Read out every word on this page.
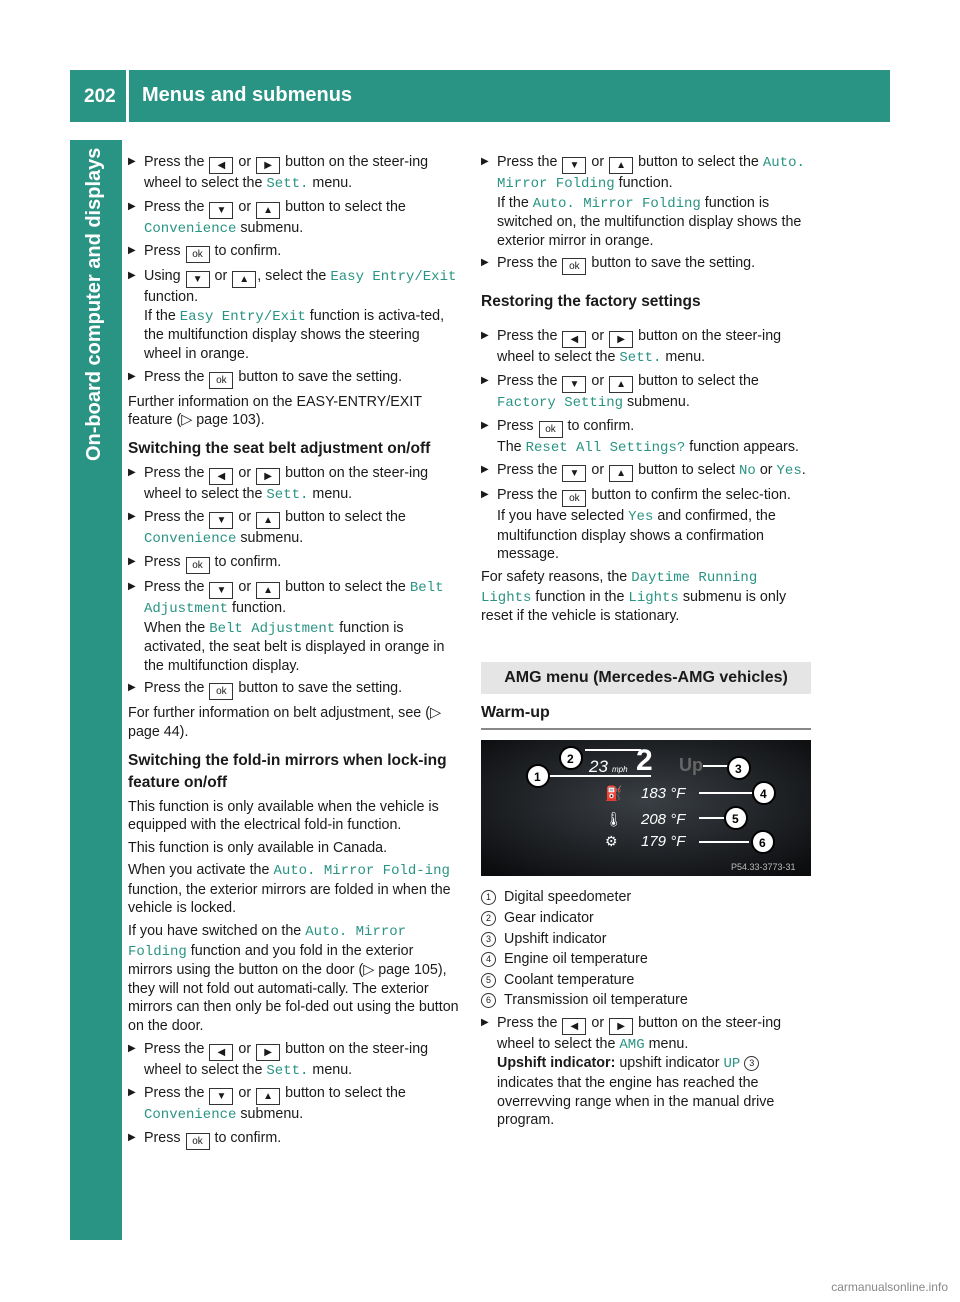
202 Menus and submenus
On-board computer and displays
▶	Press the ◀ or ▶ button on the steer-ing wheel to select the Sett. menu.
▶ Press the ▼ or ▲ button to select the Convenience submenu.
▶ Press ok to confirm.
▶ Using ▼ or ▲ , select the Easy Entry/Exit function.
If the Easy Entry/Exit function is activa-ted, the multifunction display shows the steering wheel in orange.
▶ Press the ok button to save the setting.
Further information on the EASY-ENTRY/EXIT feature (▷ page 103).
Switching the seat belt adjustment on/off
▶ Press the ◀ or ▶ button on the steer-ing wheel to select the Sett. menu.
▶ Press the ▼ or ▲ button to select the Convenience submenu.
▶ Press ok to confirm.
▶ Press the ▼ or ▲ button to select the Belt Adjustment function.
When the Belt Adjustment function is activated, the seat belt is displayed in orange in the multifunction display.
▶ Press the ok button to save the setting.
For further information on belt adjustment, see (▷ page 44).
Switching the fold-in mirrors when lock-ing feature on/off
This function is only available when the vehicle is equipped with the electrical fold-in function.
This function is only available in Canada.
When you activate the Auto. Mirror Fold-ing function, the exterior mirrors are folded in when the vehicle is locked.
If you have switched on the Auto. Mirror Folding function and you fold in the exterior mirrors using the button on the door (▷ page 105), they will not fold out automati-cally. The exterior mirrors can then only be fol-ded out using the button on the door.
▶ Press the ◀ or ▶ button on the steer-ing wheel to select the Sett. menu.
▶ Press the ▼ or ▲ button to select the Convenience submenu.
▶ Press ok to confirm.
▶ Press the ▼ or ▲ button to select the Auto. Mirror Folding function.
If the Auto. Mirror Folding function is switched on, the multifunction display shows the exterior mirror in orange.
▶ Press the ok button to save the setting.
Restoring the factory settings
▶ Press the ◀ or ▶ button on the steer-ing wheel to select the Sett. menu.
▶ Press the ▼ or ▲ button to select the Factory Setting submenu.
▶ Press ok to confirm.
The Reset All Settings? function appears.
▶ Press the ▼ or ▲ button to select No or Yes.
▶ Press the ok button to confirm the selec-tion.
If you have selected Yes and confirmed, the multifunction display shows a confirmation message.
For safety reasons, the Daytime Running Lights function in the Lights submenu is only reset if the vehicle is stationary.
AMG menu (Mercedes-AMG vehicles)
Warm-up
23 mph 2 Up
⛽ 183 °F
🌡 208 °F
⚙ 179 °F
1
2
3
4
5
6
P54.33-3773-31
1 Digital speedometer
2 Gear indicator
3 Upshift indicator
4 Engine oil temperature
5 Coolant temperature
6 Transmission oil temperature
▶ Press the ◀ or ▶ button on the steer-ing wheel to select the AMG menu.
Upshift indicator: upshift indicator UP 3 indicates that the engine has reached the overrevving range when in the manual drive program.
carmanualsonline.info
